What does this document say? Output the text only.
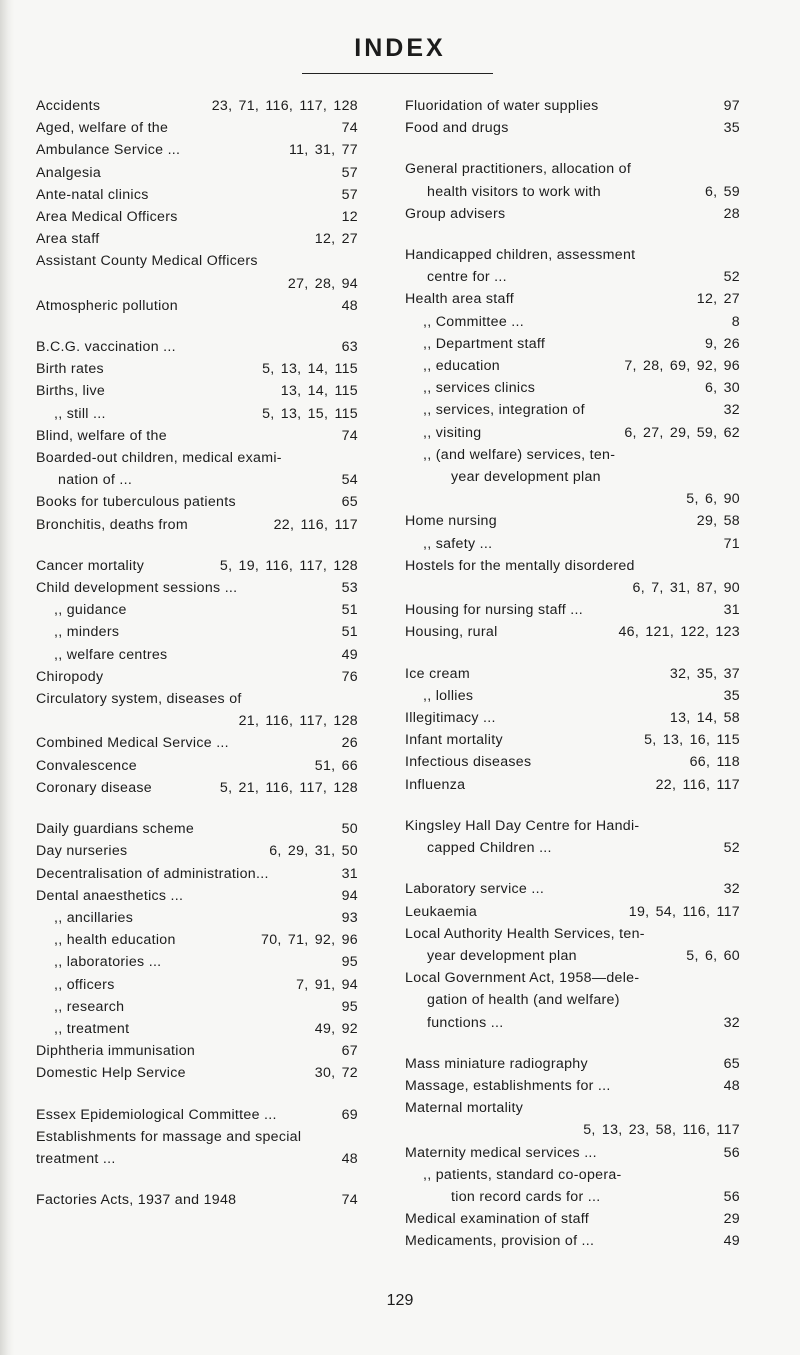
INDEX
Accidents	23, 71, 116, 117, 128
Aged, welfare of the	74
Ambulance Service ...	11, 31, 77
Analgesia	57
Ante-natal clinics	57
Area Medical Officers	12
Area staff	12, 27
Assistant County Medical Officers
27, 28, 94
Atmospheric pollution	48
B.C.G. vaccination ...	63
Birth rates	5, 13, 14, 115
Births, live	13, 14, 115
,, still ...	5, 13, 15, 115
Blind, welfare of the	74
Boarded-out children, medical exami-
nation of ...	54
Books for tuberculous patients	65
Bronchitis, deaths from	22, 116, 117
Cancer mortality	5, 19, 116, 117, 128
Child development sessions ...	53
,, guidance	51
,, minders	51
,, welfare centres	49
Chiropody	76
Circulatory system, diseases of
21, 116, 117, 128
Combined Medical Service ...	26
Convalescence	51, 66
Coronary disease	5, 21, 116, 117, 128
Daily guardians scheme	50
Day nurseries	6, 29, 31, 50
Decentralisation of administration...	31
Dental anaesthetics ...	94
,, ancillaries	93
,, health education	70, 71, 92, 96
,, laboratories ...	95
,, officers	7, 91, 94
,, research	95
,, treatment	49, 92
Diphtheria immunisation	67
Domestic Help Service	30, 72
Essex Epidemiological Committee ...	69
Establishments for massage and special
treatment ...	48
Factories Acts, 1937 and 1948	74
Fluoridation of water supplies	97
Food and drugs	35
General practitioners, allocation of
health visitors to work with	6, 59
Group advisers	28
Handicapped children, assessment
centre for ...	52
Health area staff	12, 27
,, Committee ...	8
,, Department staff	9, 26
,, education	7, 28, 69, 92, 96
,, services clinics	6, 30
,, services, integration of	32
,, visiting	6, 27, 29, 59, 62
,, (and welfare) services, ten-
year development plan
5, 6, 90
Home nursing	29, 58
,, safety ...	71
Hostels for the mentally disordered
6, 7, 31, 87, 90
Housing for nursing staff ...	31
Housing, rural	46, 121, 122, 123
Ice cream	32, 35, 37
,, lollies	35
Illegitimacy ...	13, 14, 58
Infant mortality	5, 13, 16, 115
Infectious diseases	66, 118
Influenza	22, 116, 117
Kingsley Hall Day Centre for Handi-
capped Children ...	52
Laboratory service ...	32
Leukaemia	19, 54, 116, 117
Local Authority Health Services, ten-
year development plan	5, 6, 60
Local Government Act, 1958—dele-
gation of health (and welfare)
functions ...	32
Mass miniature radiography	65
Massage, establishments for ...	48
Maternal mortality
5, 13, 23, 58, 116, 117
Maternity medical services ...	56
,, patients, standard co-opera-
tion record cards for ...	56
Medical examination of staff	29
Medicaments, provision of ...	49
129
